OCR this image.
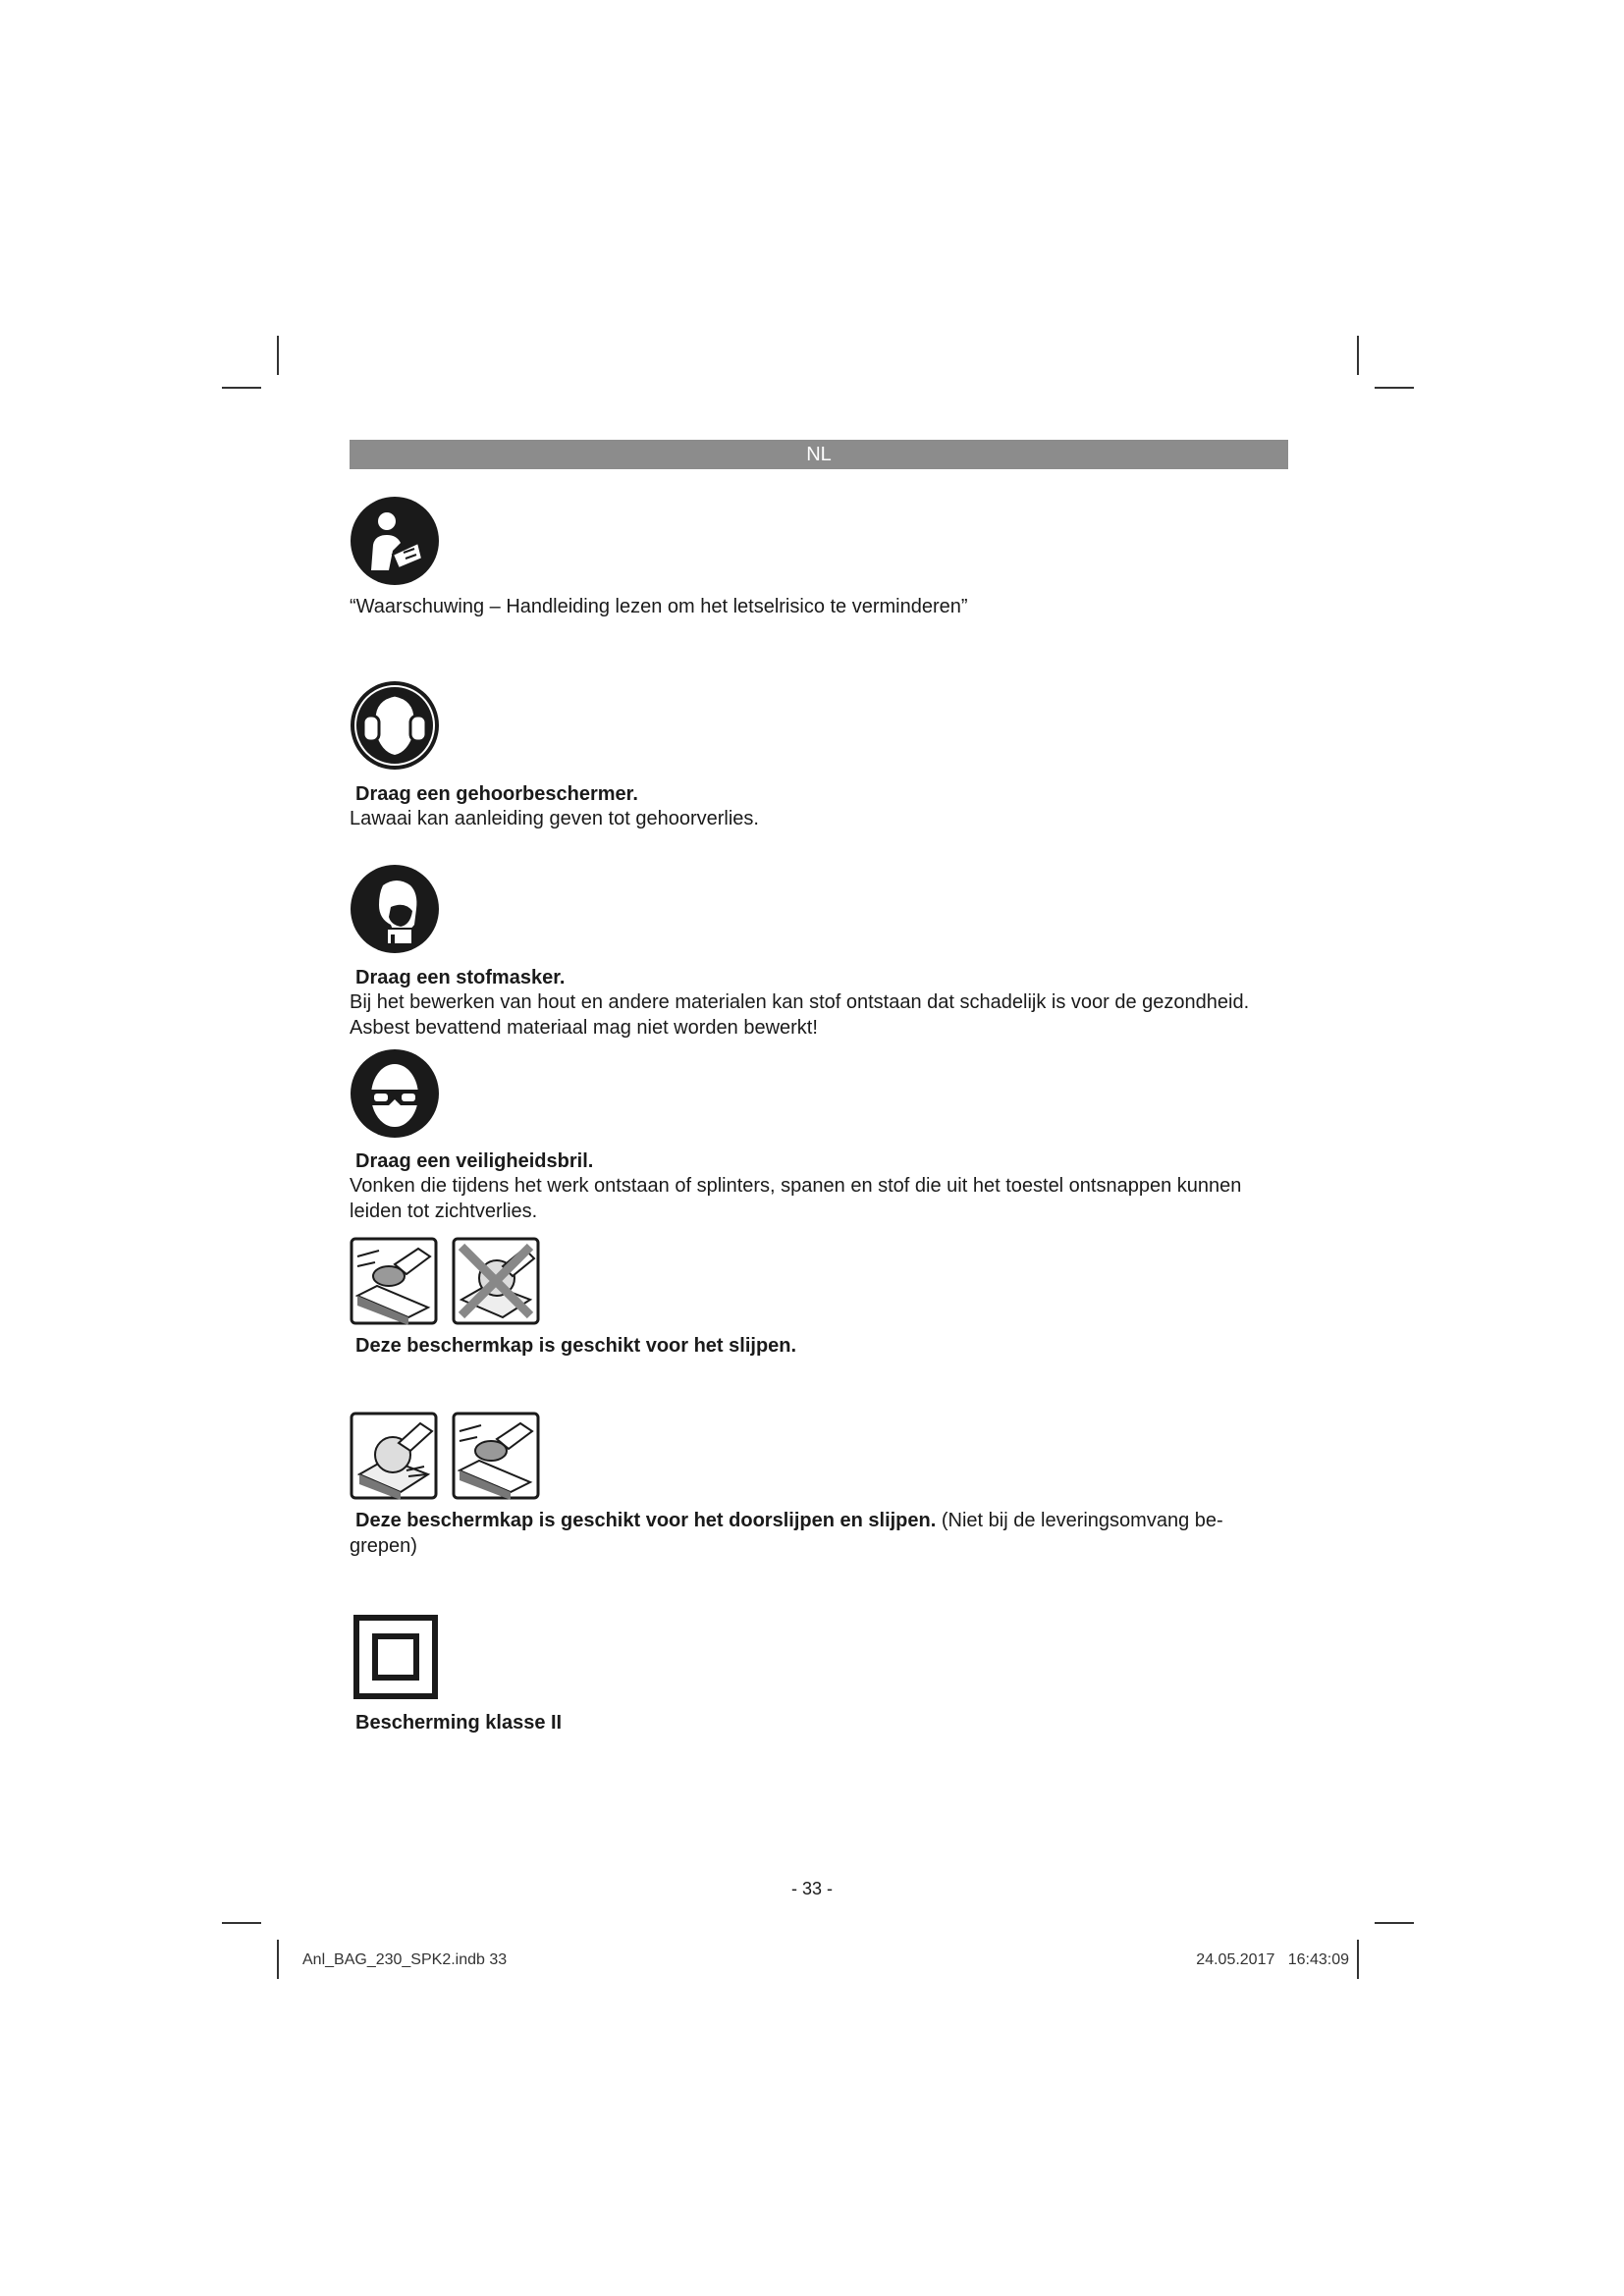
NL
“Waarschuwing – Handleiding lezen om het letselrisico te verminderen”
Draag een gehoorbeschermer.
Lawaai kan aanleiding geven tot gehoorverlies.
Draag een stofmasker.
Bij het bewerken van hout en andere materialen kan stof ontstaan dat schadelijk is voor de gezondheid.
Asbest bevattend materiaal mag niet worden bewerkt!
Draag een veiligheidsbril.
Vonken die tijdens het werk ontstaan of splinters, spanen en stof die uit het toestel ontsnappen kunnen
leiden tot zichtverlies.
Deze beschermkap is geschikt voor het slijpen.
Deze beschermkap is geschikt voor het doorslijpen en slijpen. (Niet bij de leveringsomvang be-
grepen)
Bescherming klasse II
- 33 -
Anl_BAG_230_SPK2.indb 33	24.05.2017   16:43:09
